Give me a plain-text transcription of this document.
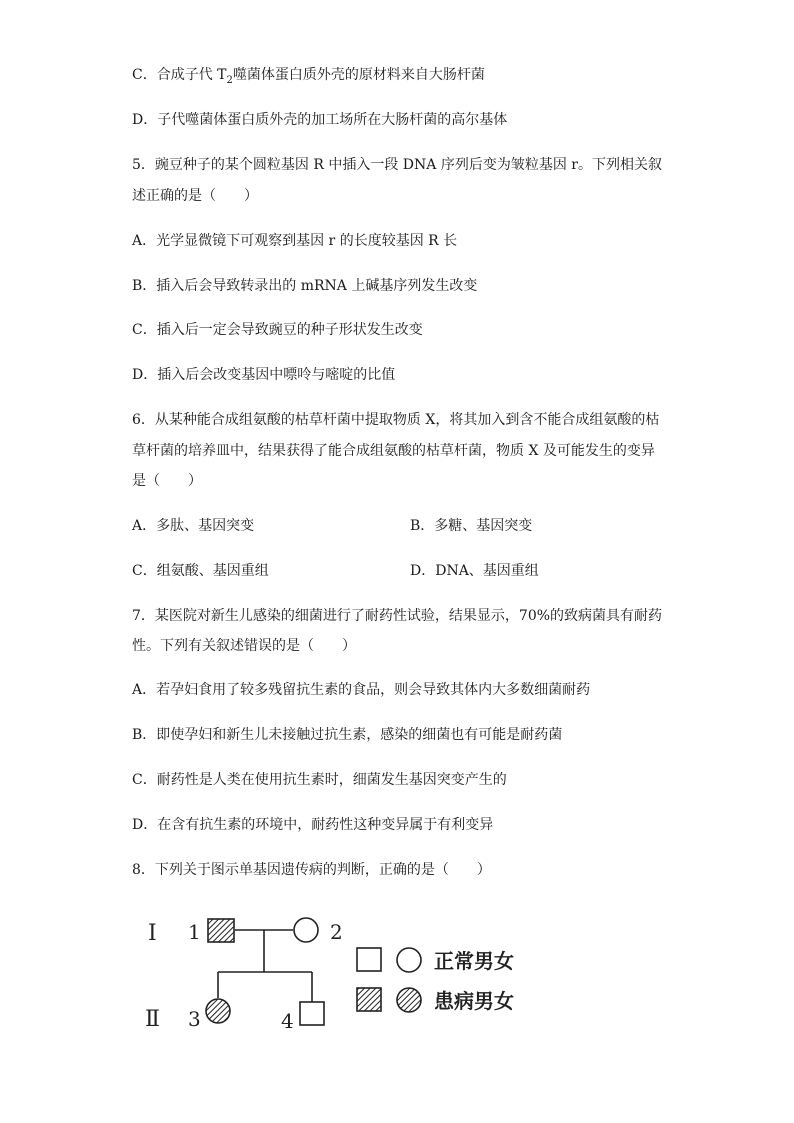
C．合成子代 $T_2$噬菌体蛋白质外壳的原材料来自大肠杆菌
D．子代噬菌体蛋白质外壳的加工场所在大肠杆菌的高尔基体
5．豌豆种子的某个圆粒基因 R 中插入一段 DNA 序列后变为皱粒基因 r。下列相关叙
述正确的是（　　）
A．光学显微镜下可观察到基因 r 的长度较基因 R 长
B．插入后会导致转录出的 mRNA 上碱基序列发生改变
C．插入后一定会导致豌豆的种子形状发生改变
D．插入后会改变基因中嘌呤与嘧啶的比值
6．从某种能合成组氨酸的枯草杆菌中提取物质 X，将其加入到含不能合成组氨酸的枯
草杆菌的培养皿中，结果获得了能合成组氨酸的枯草杆菌，物质 X 及可能发生的变异
是（　　）
A．多肽、基因突变	B．多糖、基因突变
C．组氨酸、基因重组	D．DNA、基因重组
7．某医院对新生儿感染的细菌进行了耐药性试验，结果显示，70%的致病菌具有耐药
性。下列有关叙述错误的是（　　）
A．若孕妇食用了较多残留抗生素的食品，则会导致其体内大多数细菌耐药
B．即使孕妇和新生儿未接触过抗生素，感染的细菌也有可能是耐药菌
C．耐药性是人类在使用抗生素时，细菌发生基因突变产生的
D．在含有抗生素的环境中，耐药性这种变异属于有利变异
8．下列关于图示单基因遗传病的判断，正确的是（　　）
Ⅰ
Ⅱ
1	2
3	4
正常男女
患病男女
